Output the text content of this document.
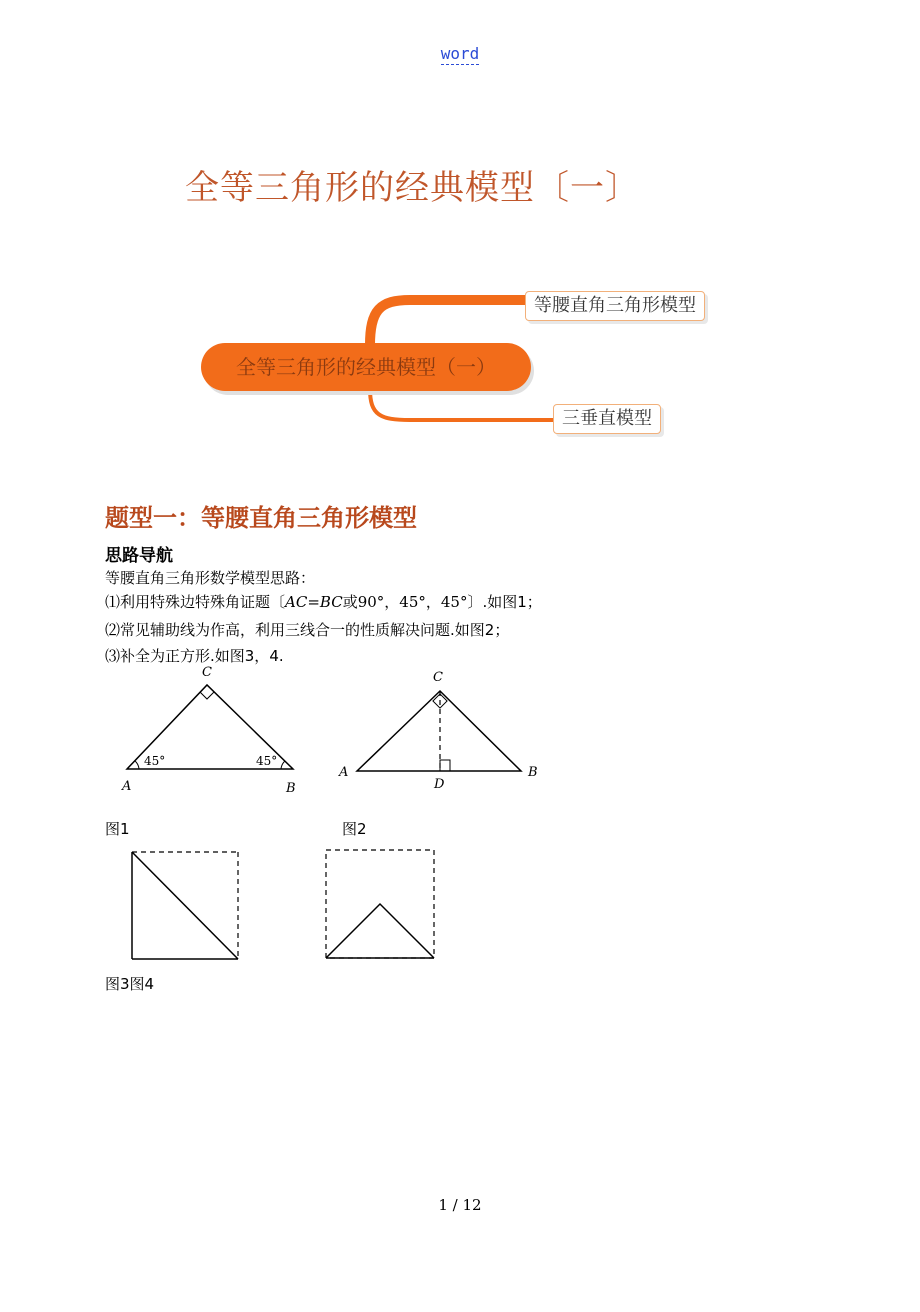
word
全等三角形的经典模型〔一〕
全等三角形的经典模型（一）
等腰直角三角形模型
三垂直模型
题型一：等腰直角三角形模型
思路导航
等腰直角三角形数学模型思路：
⑴利用特殊边特殊角证题〔AC=BC或90°，45°，45°〕.如图1；
⑵常见辅助线为作高，利用三线合一的性质解决问题.如图2；
⑶补全为正方形.如图3，4.
C
A	B
45°	45°
C
A	B
D
图1	图2
图3图4
1 / 12
